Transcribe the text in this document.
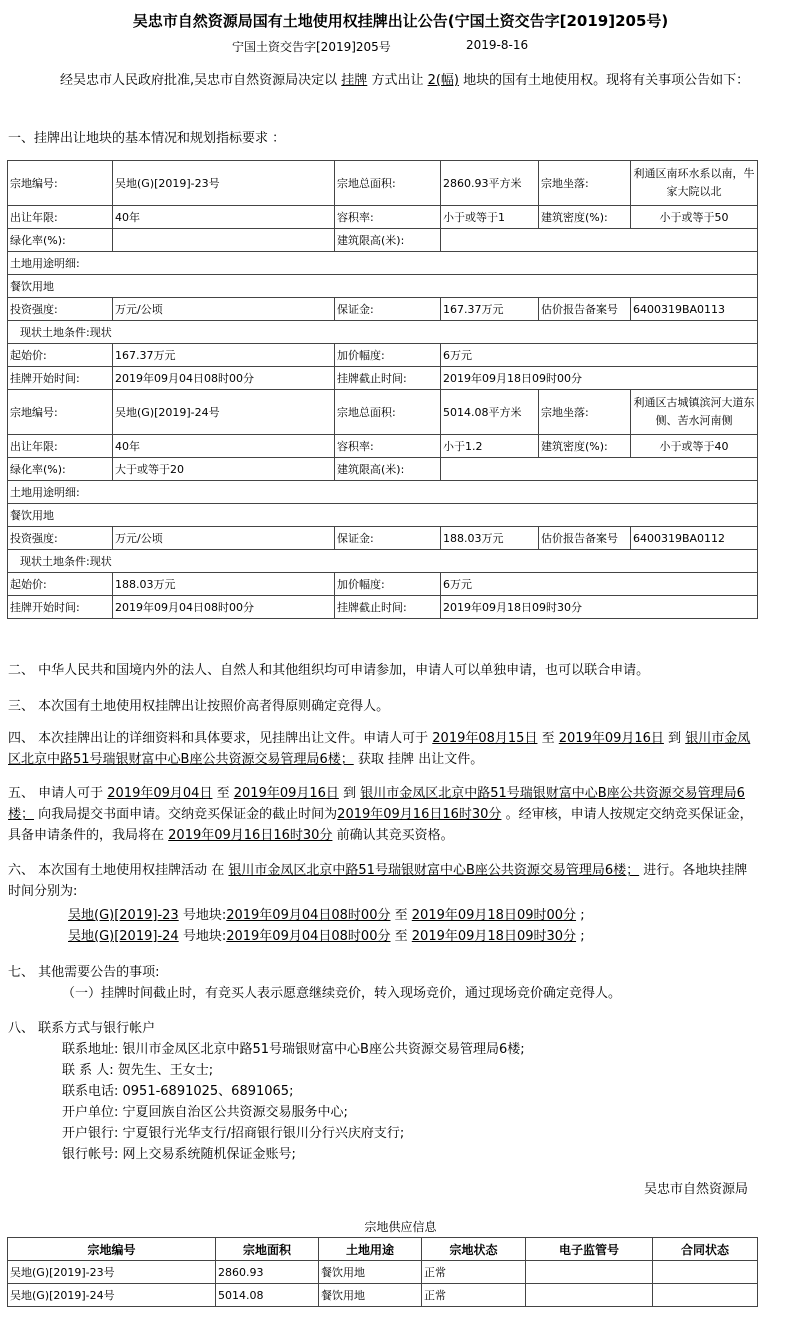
吴忠市自然资源局国有土地使用权挂牌出让公告(宁国土资交告字[2019]205号)
宁国土资交告字[2019]205号	2019-8-16

经吴忠市人民政府批准,吴忠市自然资源局决定以 挂牌 方式出让 2(幅) 地块的国有土地使用权。现将有关事项公告如下：

一、挂牌出让地块的基本情况和规划指标要求 ：
宗地编号:	吴地(G)[2019]-23号	宗地总面积:	2860.93平方米	宗地坐落:	利通区南环水系以南，牛家大院以北
出让年限:	40年	容积率:	小于或等于1	建筑密度(%):	小于或等于50
绿化率(%):		建筑限高(米):			
土地用途明细:					
餐饮用地					
投资强度:	万元/公顷	保证金:	167.37万元	估价报告备案号	6400319BA0113
现状土地条件:现状					
起始价:	167.37万元	加价幅度:	6万元		
挂牌开始时间:	2019年09月04日08时00分	挂牌截止时间:	2019年09月18日09时00分		
宗地编号:	吴地(G)[2019]-24号	宗地总面积:	5014.08平方米	宗地坐落:	利通区古城镇滨河大道东侧、苦水河南侧
出让年限:	40年	容积率:	小于1.2	建筑密度(%):	小于或等于40
绿化率(%):	大于或等于20	建筑限高(米):			
土地用途明细:					
餐饮用地					
投资强度:	万元/公顷	保证金:	188.03万元	估价报告备案号	6400319BA0112
现状土地条件:现状					
起始价:	188.03万元	加价幅度:	6万元		
挂牌开始时间:	2019年09月04日08时00分	挂牌截止时间:	2019年09月18日09时30分		
二、 中华人民共和国境内外的法人、自然人和其他组织均可申请参加，申请人可以单独申请，也可以联合申请。
三、 本次国有土地使用权挂牌出让按照价高者得原则确定竞得人。

四、 本次挂牌出让的详细资料和具体要求，见挂牌出让文件。申请人可于 2019年08月15日 至 2019年09月16日 到 银川市金凤区北京中路51号瑞银财富中心B座公共资源交易管理局6楼； 获取 挂牌 出让文件。

五、 申请人可于 2019年09月04日 至 2019年09月16日 到 银川市金凤区北京中路51号瑞银财富中心B座公共资源交易管理局6楼； 向我局提交书面申请。交纳竞买保证金的截止时间为2019年09月16日16时30分 。经审核，申请人按规定交纳竞买保证金，具备申请条件的，我局将在 2019年09月16日16时30分 前确认其竞买资格。

六、 本次国有土地使用权挂牌活动 在 银川市金凤区北京中路51号瑞银财富中心B座公共资源交易管理局6楼； 进行。各地块挂牌时间分别为:

吴地(G)[2019]-23 号地块:2019年09月04日08时00分 至 2019年09月18日09时00分 ;
吴地(G)[2019]-24 号地块:2019年09月04日08时00分 至 2019年09月18日09时30分 ;
七、 其他需要公告的事项:
（一）挂牌时间截止时，有竞买人表示愿意继续竞价，转入现场竞价，通过现场竞价确定竞得人。
八、 联系方式与银行帐户
联系地址: 银川市金凤区北京中路51号瑞银财富中心B座公共资源交易管理局6楼;
联 系 人: 贺先生、王女士;
联系电话: 0951-6891025、6891065;
开户单位: 宁夏回族自治区公共资源交易服务中心;
开户银行: 宁夏银行光华支行/招商银行银川分行兴庆府支行;
银行帐号: 网上交易系统随机保证金账号;
吴忠市自然资源局
宗地供应信息
宗地编号	宗地面积	土地用途	宗地状态	电子监管号	合同状态
吴地(G)[2019]-23号	2860.93	餐饮用地	正常		
吴地(G)[2019]-24号	5014.08	餐饮用地	正常		
